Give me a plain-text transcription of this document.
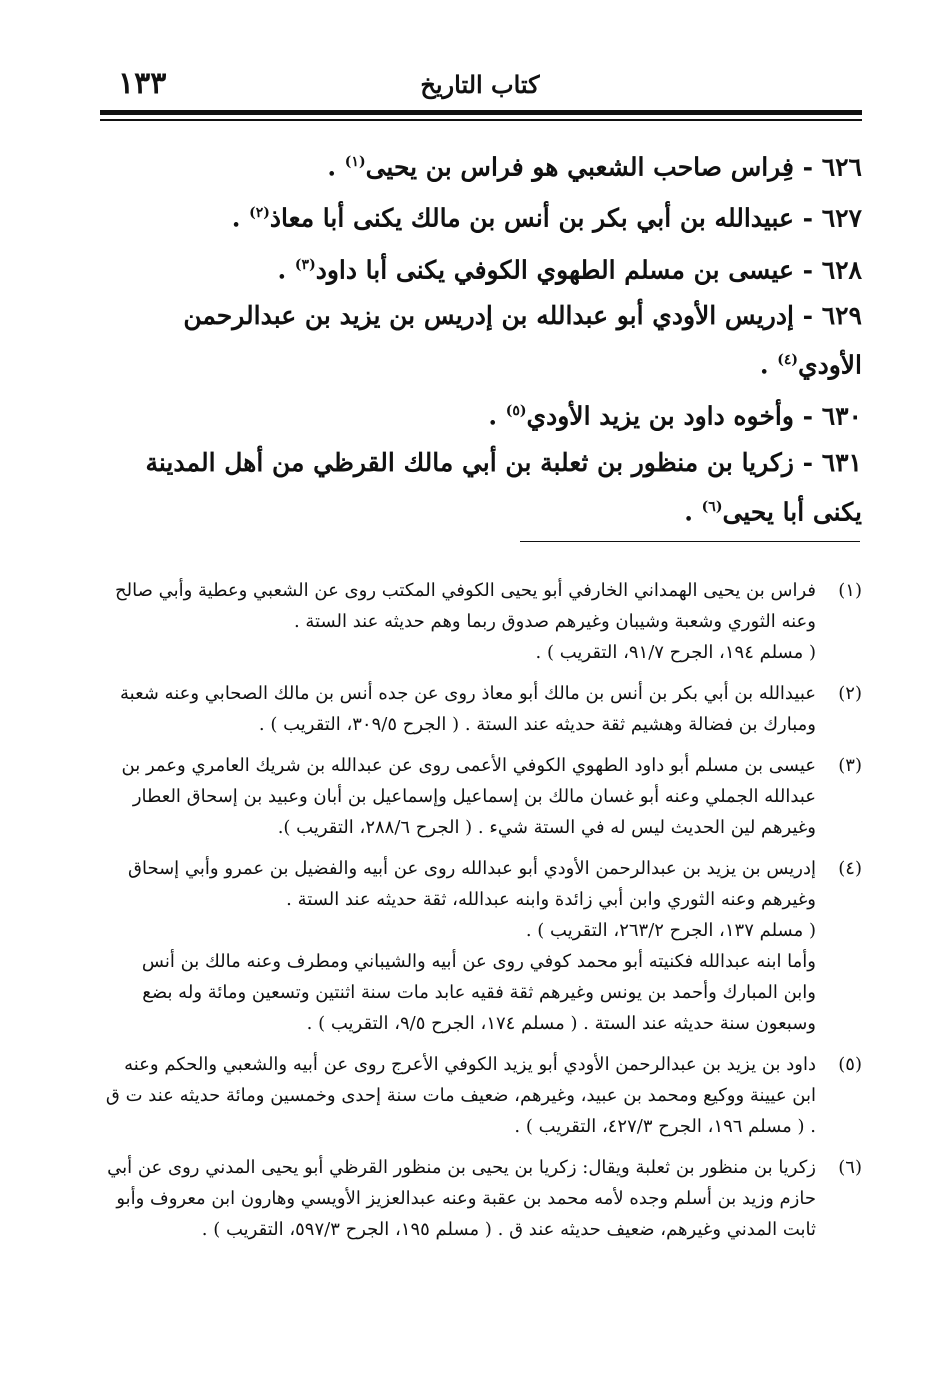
١٣٣	كتاب التاريخ

٦٢٦ - فِراس صاحب الشعبي هو فراس بن يحيى$^{(١)}$ .

٦٢٧ - عبيدالله بن أبي بكر بن أنس بن مالك يكنى أبا معاذ$^{(٢)}$ .

٦٢٨ - عيسى بن مسلم الطهوي الكوفي يكنى أبا داود$^{(٣)}$ .

٦٢٩ - إدريس الأودي أبو عبدالله بن إدريس بن يزيد بن عبدالرحمن الأودي$^{(٤)}$ .

٦٣٠ - وأخوه داود بن يزيد الأودي$^{(٥)}$ .

٦٣١ - زكريا بن منظور بن ثعلبة بن أبي مالك القرظي من أهل المدينة يكنى أبا يحيى$^{(٦)}$ .

(١)

فراس بن يحيى الهمداني الخارفي أبو يحيى الكوفي المكتب روى عن الشعبي وعطية وأبي صالح وعنه الثوري وشعبة وشيبان وغيرهم صدوق ربما وهم حديثه عند الستة .

( مسلم ١٩٤، الجرح ٩١/٧، التقريب ) .

(٢)

عبيدالله بن أبي بكر بن أنس بن مالك أبو معاذ روى عن جده أنس بن مالك الصحابي وعنه شعبة ومبارك بن فضالة وهشيم ثقة حديثه عند الستة . ( الجرح ٣٠٩/٥، التقريب ) .

(٣)

عيسى بن مسلم أبو داود الطهوي الكوفي الأعمى روى عن عبدالله بن شريك العامري وعمر بن عبدالله الجملي وعنه أبو غسان مالك بن إسماعيل وإسماعيل بن أبان وعبيد بن إسحاق العطار وغيرهم لين الحديث ليس له في الستة شيء . ( الجرح ٢٨٨/٦، التقريب ).

(٤)

إدريس بن يزيد بن عبدالرحمن الأودي أبو عبدالله روى عن أبيه والفضيل بن عمرو وأبي إسحاق وغيرهم وعنه الثوري وابن أبي زائدة وابنه عبدالله، ثقة حديثه عند الستة .

( مسلم ١٣٧، الجرح ٢٦٣/٢، التقريب ) .

وأما ابنه عبدالله فكنيته أبو محمد كوفي روى عن أبيه والشيباني ومطرف وعنه مالك بن أنس وابن المبارك وأحمد بن يونس وغيرهم ثقة فقيه عابد مات سنة اثنتين وتسعين ومائة وله بضع وسبعون سنة حديثه عند الستة . ( مسلم ١٧٤، الجرح ٩/٥، التقريب ) .

(٥)

داود بن يزيد بن عبدالرحمن الأودي أبو يزيد الكوفي الأعرج روى عن أبيه والشعبي والحكم وعنه ابن عيينة ووكيع ومحمد بن عبيد، وغيرهم، ضعيف مات سنة إحدى وخمسين ومائة حديثه عند ت ق . ( مسلم ١٩٦، الجرح ٤٢٧/٣، التقريب ) .

(٦)

زكريا بن منظور بن ثعلبة ويقال: زكريا بن يحيى بن منظور القرظي أبو يحيى المدني روى عن أبي حازم وزيد بن أسلم وجده لأمه محمد بن عقبة وعنه عبدالعزيز الأويسي وهارون ابن معروف وأبو ثابت المدني وغيرهم، ضعيف حديثه عند ق . ( مسلم ١٩٥، الجرح ٥٩٧/٣، التقريب ) .
